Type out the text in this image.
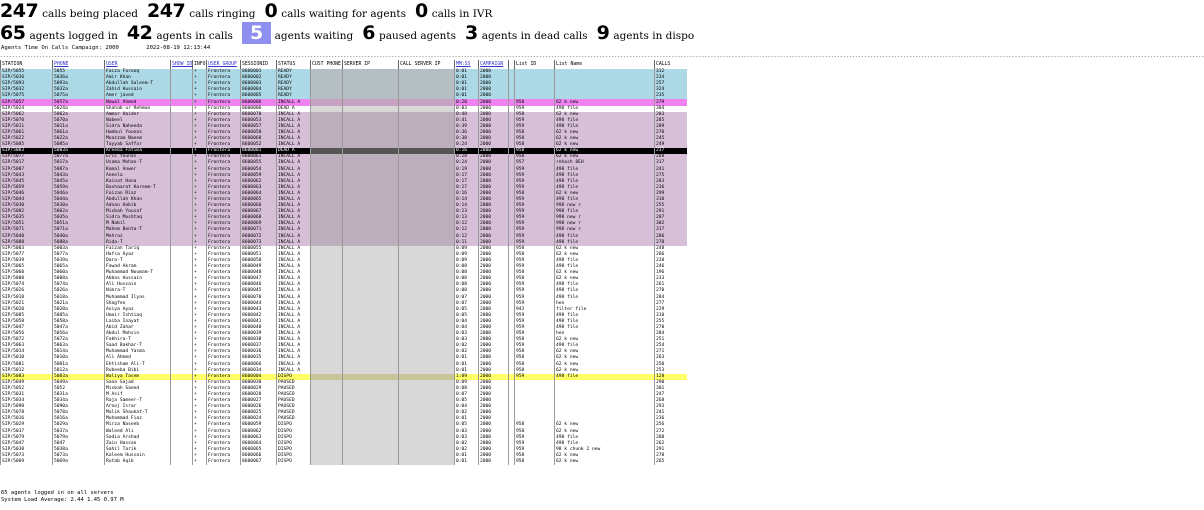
247 calls being placed 247 calls ringing 0 calls waiting for agents 0 calls in IVR
65 agents logged in 42 agents in calls 5	agents waiting 6 paused agents 3 agents in dead calls 9 agents in dispo
Agents Time On Calls Campaign: 2000	2022-08-19 12:13:44
----------------------------------------------------------------------------------------------------------------------------------------------------------------------------------------------------------------------------------------------------------------------------------------------------------------------------------------------------------------------------------------------------------------
STATION	PHONE	USER	SHOW ID	INFO	USER GROUP	SESSIONID	STATUS	CUST PHONE	SERVER IP	CALL SERVER IP	MM:SS	CAMPAIGN		List ID	List Name	CALLS
SIP/5055	5055	Faiza Farooq		+	Frontera	8600001	READY				0:01	2000				312
SIP/5036	5036a	Amir Khan		+	Frontera	8600002	READY				0:01	2000				234
SIP/5093	5093a	Abdullah Saleem-T		+	Frontera	8600003	READY				0:01	2000				257
SIP/5032	5032a	Zahid Hussain		+	Frontera	8600004	READY				0:01	2000				324
SIP/5075	5075a	Amer javed		+	Frontera	8600005	READY				0:01	2000				235
SIP/5057	5057a	Nawal Ahmed		+	Frontera	8600006	INCALL A				0:20	2000		958	62 k new	279
SIP/5024	5024a	Shahab ur Rehman		+	Frontera	8600006	DEAD A				0:03	2000		959	498 file	304
SIP/5062	5062a	Ammar Haider		+	Frontera	8600070	INCALL A				0:48	2000		958	62 k new	283
SIP/5070	5070a	Nabeel		+	Frontera	8600053	INCALL A				0:41	2000		959	498 file	285
SIP/5011	5011a	Sidra Naheeda		+	Frontera	8600057	INCALL A				0:39	2000		959	498 file	289
SIP/5061	5061a	Humbul Younas		+	Frontera	8600058	INCALL A				0:36	2000		958	62 k new	270
SIP/5022	5022a	Moazzam Naeem		+	Frontera	8600060	INCALL A				0:30	2000		958	62 k new	245
SIP/5085	5085a	Tayyab Saffar		+	Frontera	8600052	INCALL A				0:24	2000		958	62 k new	249
SIP/5083	5083a	Areeba Fatima		+	Frontera	8600001	DEAD A				0:16	2000		958	62 k new	237
SIP/5077	5077a	Eric Younas		+	Frontera	8600061	INCALL A				0:28	2000		958	62 k new	260
SIP/5017	5017a	Usama Mohan-T		+	Frontera	8600055	INCALL A				0:24	2000		957	rehash 8EH	317
SIP/5087	5087a	Komal Anwer		+	Frontera	8600054	INCALL A				0:19	2000		959	498 file	241
SIP/5043	5043a	Aneela		+	Frontera	8600059	INCALL A				0:17	2000		959	498 file	275
SIP/5045	5045a	Kainat Hana		+	Frontera	8600062	INCALL A				0:17	2000		959	498 file	283
SIP/5059	5059a	Bashaarat Kareem-T		+	Frontera	8600063	INCALL A				0:17	2000		959	498 file	236
SIP/5046	5046a	Faizan Riaz		+	Frontera	8600064	INCALL A				0:16	2000		958	62 k new	299
SIP/5044	5044a	Abdullah Khan		+	Frontera	8600065	INCALL A				0:14	2000		959	498 file	310
SIP/5030	5030a	Adnan Habib		+	Frontera	8600066	INCALL A				0:14	2000		959	998 new r	255
SIP/5002	5002a	Misbah Yousaf		+	Frontera	8600067	INCALL A				0:13	2000		959	998 file	291
SIP/5035	5035a	Sidra Mushtaq		+	Frontera	8600068	INCALL A				0:13	2000		959	998 new r	287
SIP/5051	5051a	M Nabil		+	Frontera	8600069	INCALL A				0:12	2000		959	998 new r	302
SIP/5071	5071a	Mahem Bonta-T		+	Frontera	8600071	INCALL A				0:12	2000		959	998 new r	317
SIP/5040	5040a	Mehraz		+	Frontera	8600072	INCALL A				0:12	2000		959	498 file	286
SIP/5088	5088a	Rida-T		+	Frontera	8600073	INCALL A				0:11	2000		959	498 file	278
SIP/5003	5003a	Faizan Tariq		+	Frontera	8600055	INCALL A				0:09	2000		958	62 k new	248
SIP/5077	5077a	Hafsa Ayaz		+	Frontera	8600051	INCALL A				0:09	2000		958	62 k new	266
SIP/5039	5039a	Dara-T		+	Frontera	8600050	INCALL A				0:09	2000		959	498 file	238
SIP/5065	5065a	Fawad Akram		+	Frontera	8600049	INCALL A				0:08	2000		959	498 file	246
SIP/5060	5060a	Muhammad Noumam-T		+	Frontera	8600048	INCALL A				0:08	2000		958	62 k new	196
SIP/5008	5008a	Abbas Hussain		+	Frontera	8600047	INCALL A				0:08	2000		958	62 k new	233
SIP/5074	5074a	Ali Hussain		+	Frontera	8600046	INCALL A				0:08	2000		959	498 file	261
SIP/5026	5026a	Nimra-T		+	Frontera	8600045	INCALL A				0:08	2000		959	498 file	270
SIP/5018	5018a	Muhammad Ilyas		+	Frontera	8600070	INCALL A				0:07	2000		959	498 file	284
SIP/5021	5021a	Shagfen		+	Frontera	8600044	INCALL A				0:07	2000		959	hen	277
SIP/5020	5020a	Aniya Ayaz		+	Frontera	8600043	INCALL A				0:05	2000		943	filter file	229
SIP/5085	5085a	Umair Ishtiaq		+	Frontera	8600042	INCALL A				0:05	2000		959	498 file	310
SIP/5058	5058a	Laiba Inayat		+	Frontera	8600041	INCALL A				0:04	2000		959	498 file	255
SIP/5047	5047a	Abid Zahar		+	Frontera	8600040	INCALL A				0:04	2000		959	498 file	270
SIP/5056	5056a	Abdul Mohsin		+	Frontera	8600039	INCALL A				0:03	2000		959	hen	284
SIP/5072	5072a	Fakhira-T		+	Frontera	8600038	INCALL A				0:03	2000		958	62 k new	251
SIP/5063	5063a	Saad Bakhar-T		+	Frontera	8600037	INCALL A				0:02	2000		959	498 file	254
SIP/5014	5014a	Muhammad Yasma		+	Frontera	8600036	INCALL A				0:02	2000		958	62 k new	271
SIP/5010	5010a	Ali Ahmed		+	Frontera	8600035	INCALL A				0:01	2000		958	62 k new	263
SIP/5081	5081a	Ehtisham Ali-T		+	Frontera	8600066	INCALL A				0:01	2000		958	62 k new	250
SIP/5012	5012a	Rubeeba Bibi		+	Frontera	8600034	INCALL A				0:01	2000		958	62 k new	253
SIP/5083	5083a	Waliya Tasem		+	Frontera	8600004	DISPO				1:09	2000		959	498 file	128
SIP/5049	5049a	Sana Sajad		+	Frontera	8600030	PAUSED				0:09	2000				290
SIP/5052	5052	Misbah Saeed		+	Frontera	8600029	PAUSED				0:08	2000				301
SIP/5031	5031a	M Asif		+	Frontera	8600028	PAUSED				0:07	2000				247
SIP/5034	5034a	Raja Sameer-T		+	Frontera	8600027	PAUSED				0:05	2000				268
SIP/5090	5090a	Arooj Israr		+	Frontera	8600026	PAUSED				0:04	2000				293
SIP/5078	5078a	Malik Shaukat-T		+	Frontera	8600025	PAUSED				0:02	2000				241
SIP/5016	5016a	Muhammad Fiaz		+	Frontera	8600024	PAUSED				0:01	2000				236
SIP/5029	5029a	Mirza Naseeb		+	Frontera	8600059	DISPO				0:05	2000		958	62 k new	256
SIP/5037	5037a	Waleed Ali		+	Frontera	8600062	DISPO				0:03	2000		958	62 k new	272
SIP/5079	5079a	Sadia Arshad		+	Frontera	8600063	DISPO				0:03	2000		959	498 file	288
SIP/5047	5047	Zain Hassan		+	Frontera	8600064	DISPO				0:02	2000		959	498 file	262
SIP/5038	5038a	Sahil Tarik		+	Frontera	8600065	DISPO				0:02	2000		959	98 k chunk 2 new	291
SIP/5073	5073a	Kaleem Hussain		+	Frontera	8600066	DISPO				0:01	2000		958	62 k new	278
SIP/5069	5069a	Rutab Aqib		+	Frontera	8600067	DISPO				0:01	2000		958	62 k new	265
65 agents logged in on all servers
System Load Average: 2.44 1.45 0.97 M
